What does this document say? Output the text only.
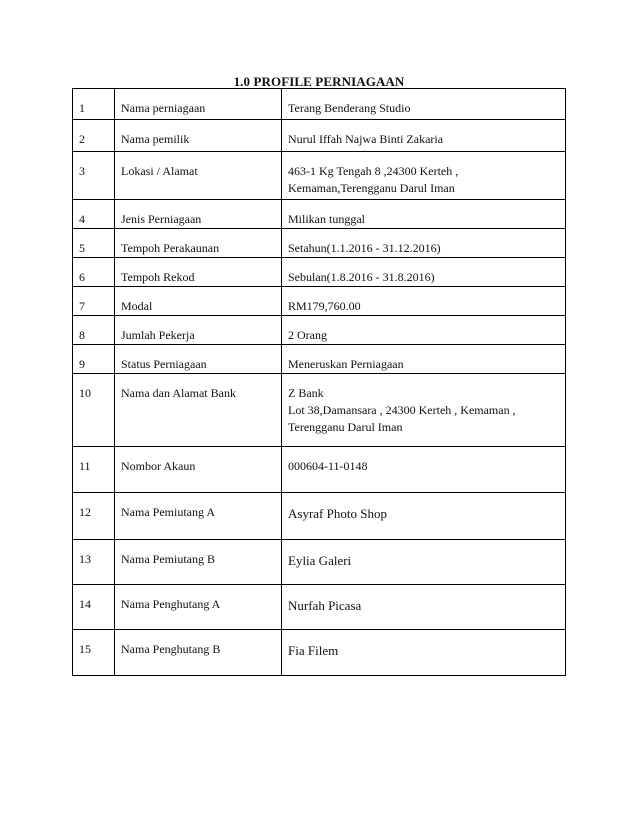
1.0 PROFILE PERNIAGAAN
1	Nama perniagaan	Terang Benderang Studio

2	Nama pemilik	Nurul Iffah Najwa Binti Zakaria

3	Lokasi / Alamat	463-1 Kg Tengah 8 ,24300 Kerteh ,
Kemaman,Terengganu Darul Iman

4	Jenis Perniagaan	Milikan tunggal

5	Tempoh Perakaunan	Setahun(1.1.2016 - 31.12.2016)

6	Tempoh Rekod	Sebulan(1.8.2016 - 31.8.2016)

7	Modal	RM179,760.00

8	Jumlah Pekerja	2 Orang

9	Status Perniagaan	Meneruskan Perniagaan

10	Nama dan Alamat Bank	Z Bank
Lot 38,Damansara , 24300 Kerteh , Kemaman ,
Terengganu Darul Iman

11	Nombor Akaun	000604-11-0148

12	Nama Pemiutang A	Asyraf Photo Shop

13	Nama Pemiutang B	Eylia Galeri

14	Nama Penghutang A	Nurfah Picasa

15	Nama Penghutang B	Fia Filem
